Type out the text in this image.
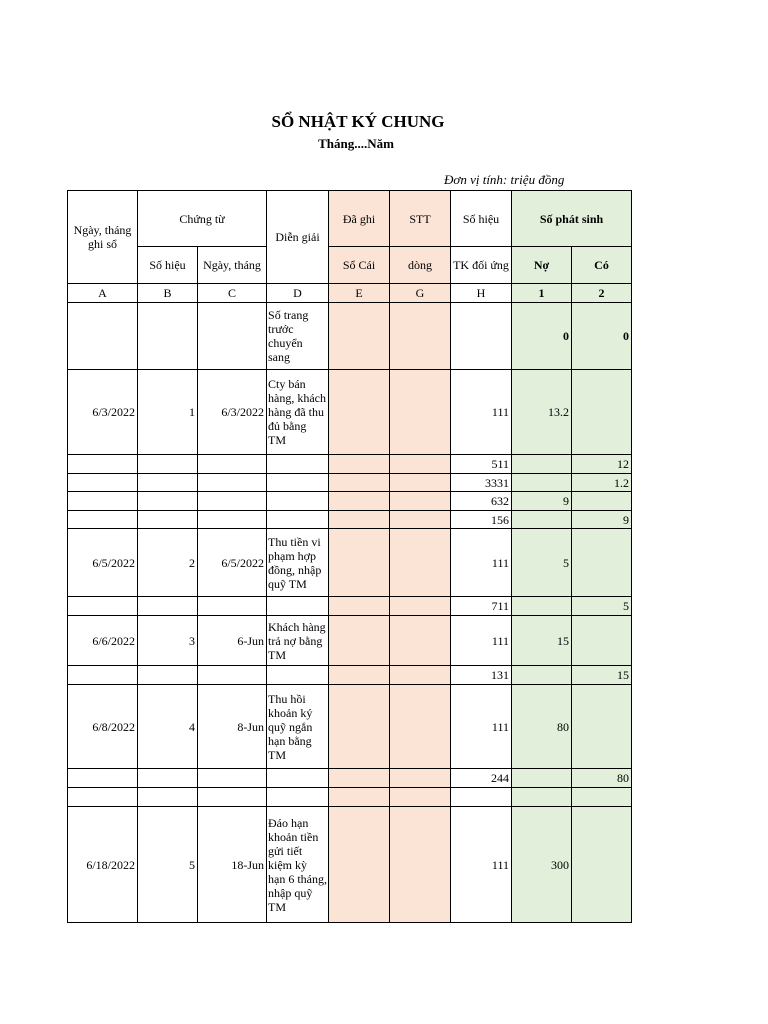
SỔ NHẬT KÝ CHUNG
Tháng....Năm
Đơn vị tính: triệu đồng
Ngày, tháng ghi sổ	Chứng từ		Diễn giải	Đã ghi	STT	Số hiệu	Số phát sinh	
	Số hiệu	Ngày, tháng		Sổ Cái	dòng	TK đối ứng	Nợ	Có
A	B	C	D	E	G	H	1	2
			Số trang trước chuyển sang				0	0
6/3/2022	1	6/3/2022	Cty bán hàng, khách hàng đã thu đủ bằng TM			111	13.2	
						511		12
						3331		1.2
						632	9	
						156		9
6/5/2022	2	6/5/2022	Thu tiền vi phạm hợp đồng, nhập quỹ TM			111	5	
						711		5
6/6/2022	3	6-Jun	Khách hàng trả nợ bằng TM			111	15	
						131		15
6/8/2022	4	8-Jun	Thu hồi khoản ký quỹ ngắn hạn bằng TM			111	80	
						244		80

6/18/2022	5	18-Jun	Đáo hạn khoản tiền gửi tiết kiệm kỳ hạn 6 tháng, nhập quỹ TM			111	300	
